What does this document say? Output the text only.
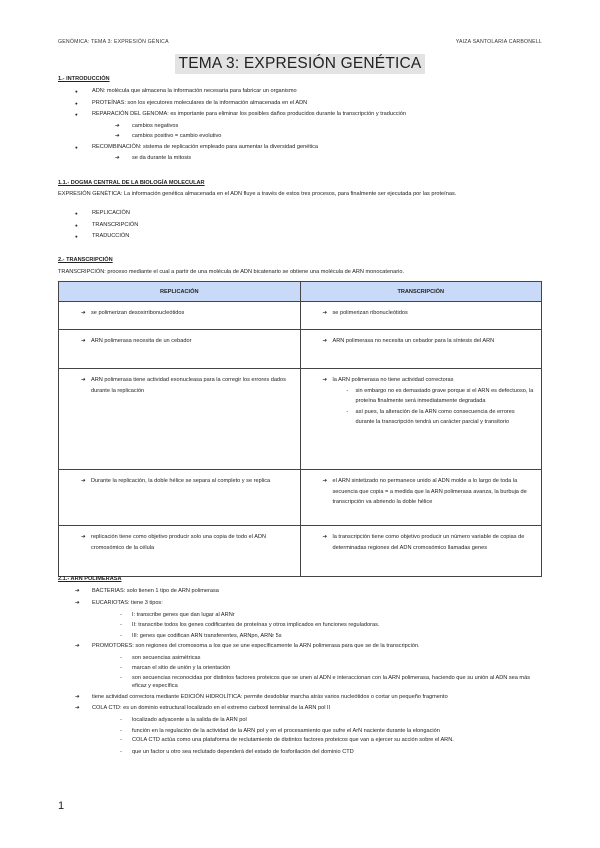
GENÓMICA: TEMA 3: EXPRESIÓN GÉNICA	YAIZA SANTOLARIA CARBONELL
TEMA 3: EXPRESIÓN GENÉTICA
1.- INTRODUCCIÓN
● ADN: molécula que almacena la información necesaria para fabricar un organismo
● PROTEÍNAS: son los ejecutores moleculares de la información almacenada en el ADN
● REPARACIÓN DEL GENOMA: es importante para eliminar los posibles daños producidos durante la transcripción y traducción
➔ cambios negativos
➔ cambios positivo = cambio evolutivo
● RECOMBINACIÓN: sistema de replicación empleado para aumentar la diversidad genética
➔ se da durante la mitosis
1.1.- DOGMA CENTRAL DE LA BIOLOGÍA MOLECULAR
EXPRESIÓN GENÉTICA: La información genética almacenada en el ADN fluye a través de estos tres procesos, para finalmente ser ejecutada por las proteínas.
● REPLICACIÓN
● TRANSCRIPCIÓN
● TRADUCCIÓN
2.- TRANSCRIPCIÓN
TRANSCRIPCIÓN: proceso mediante el cual a partir de una molécula de ADN bicatenario se obtiene una molécula de ARN monocatenario.
REPLICACIÓN	TRANSCRIPCIÓN

➔ se polimerizan desoxirribonucleótidos	➔ se polimerizan ribonucleótidos

➔ ARN polimerasa necesita de un cebador	➔ ARN polimerasa no necesita un cebador para la síntesis del ARN

➔ ARN polimerasa tiene actividad exonucleasa para la corregir los errores dados durante la replicación	➔ la ARN polimerasa no tiene actividad correctoras
- sin embargo no es demasiado grave porque si el ARN es defectuoso, la proteína finalmente será inmediatamente degradada
- así pues, la alteración de la ARN como consecuencia de errores durante la transcripción tendrá un carácter parcial y transitorio

➔ Durante la replicación, la doble hélice se separa al completo y se replica	➔ el ARN sintetizado no permanece unido al ADN molde a lo largo de toda la secuencia que copia = a medida que la ARN polimerasa avanza, la burbuja de transcripción va abriendo la doble hélice

➔ replicación tiene como objetivo producir solo una copia de todo el ADN cromosómico de la célula	➔ la transcripción tiene como objetivo producir un número variable de copias de determinadas regiones del ADN cromosómico llamadas genes
2.1.- ARN POLIMERASA
➔ BACTERIAS: solo tienen 1 tipo de ARN polimerasa
➔ EUCARIOTAS: tiene 3 tipos:
- I: transcribe genes que dan lugar al ARNr
- II: transcribe todos los genes codificantes de proteínas y otros implicados en funciones reguladoras.
- III: genes que codifican ARN transferentes, ARNpn, ARNr 5s
➔ PROMOTORES: son regiones del cromosoma a los que se une específicamente la ARN polimerasa para que se de la transcripción.
- son secuencias asimétricas
- marcan el sitio de unión y la orientación
- son secuencias reconocidas por distintos factores proteicos que se unen al ADN e interaccionan con la ARN polimerasa, haciendo que su unión al ADN sea más eficaz y específica
➔ tiene actividad correctora mediante EDICIÓN HIDROLÍTICA: permite desdoblar marcha atrás varios nucleótidos o cortar un pequeño fragmento
➔ COLA CTD: es un dominio estructural localizado en el extremo carboxil terminal de la ARN pol II
- localizado adyacente a la salida de la ARN pol
- función en la regulación de la actividad de la ARN pol y en el procesamiento que sufre el ArN naciente durante la elongación
- COLA CTD actúa como una plataforma de reclutamiento de distintos factores proteicos que van a ejercer su acción sobre el ARN.
- que un factor u otro sea reclutado dependerá del estado de fosforilación del dominio CTD
1
